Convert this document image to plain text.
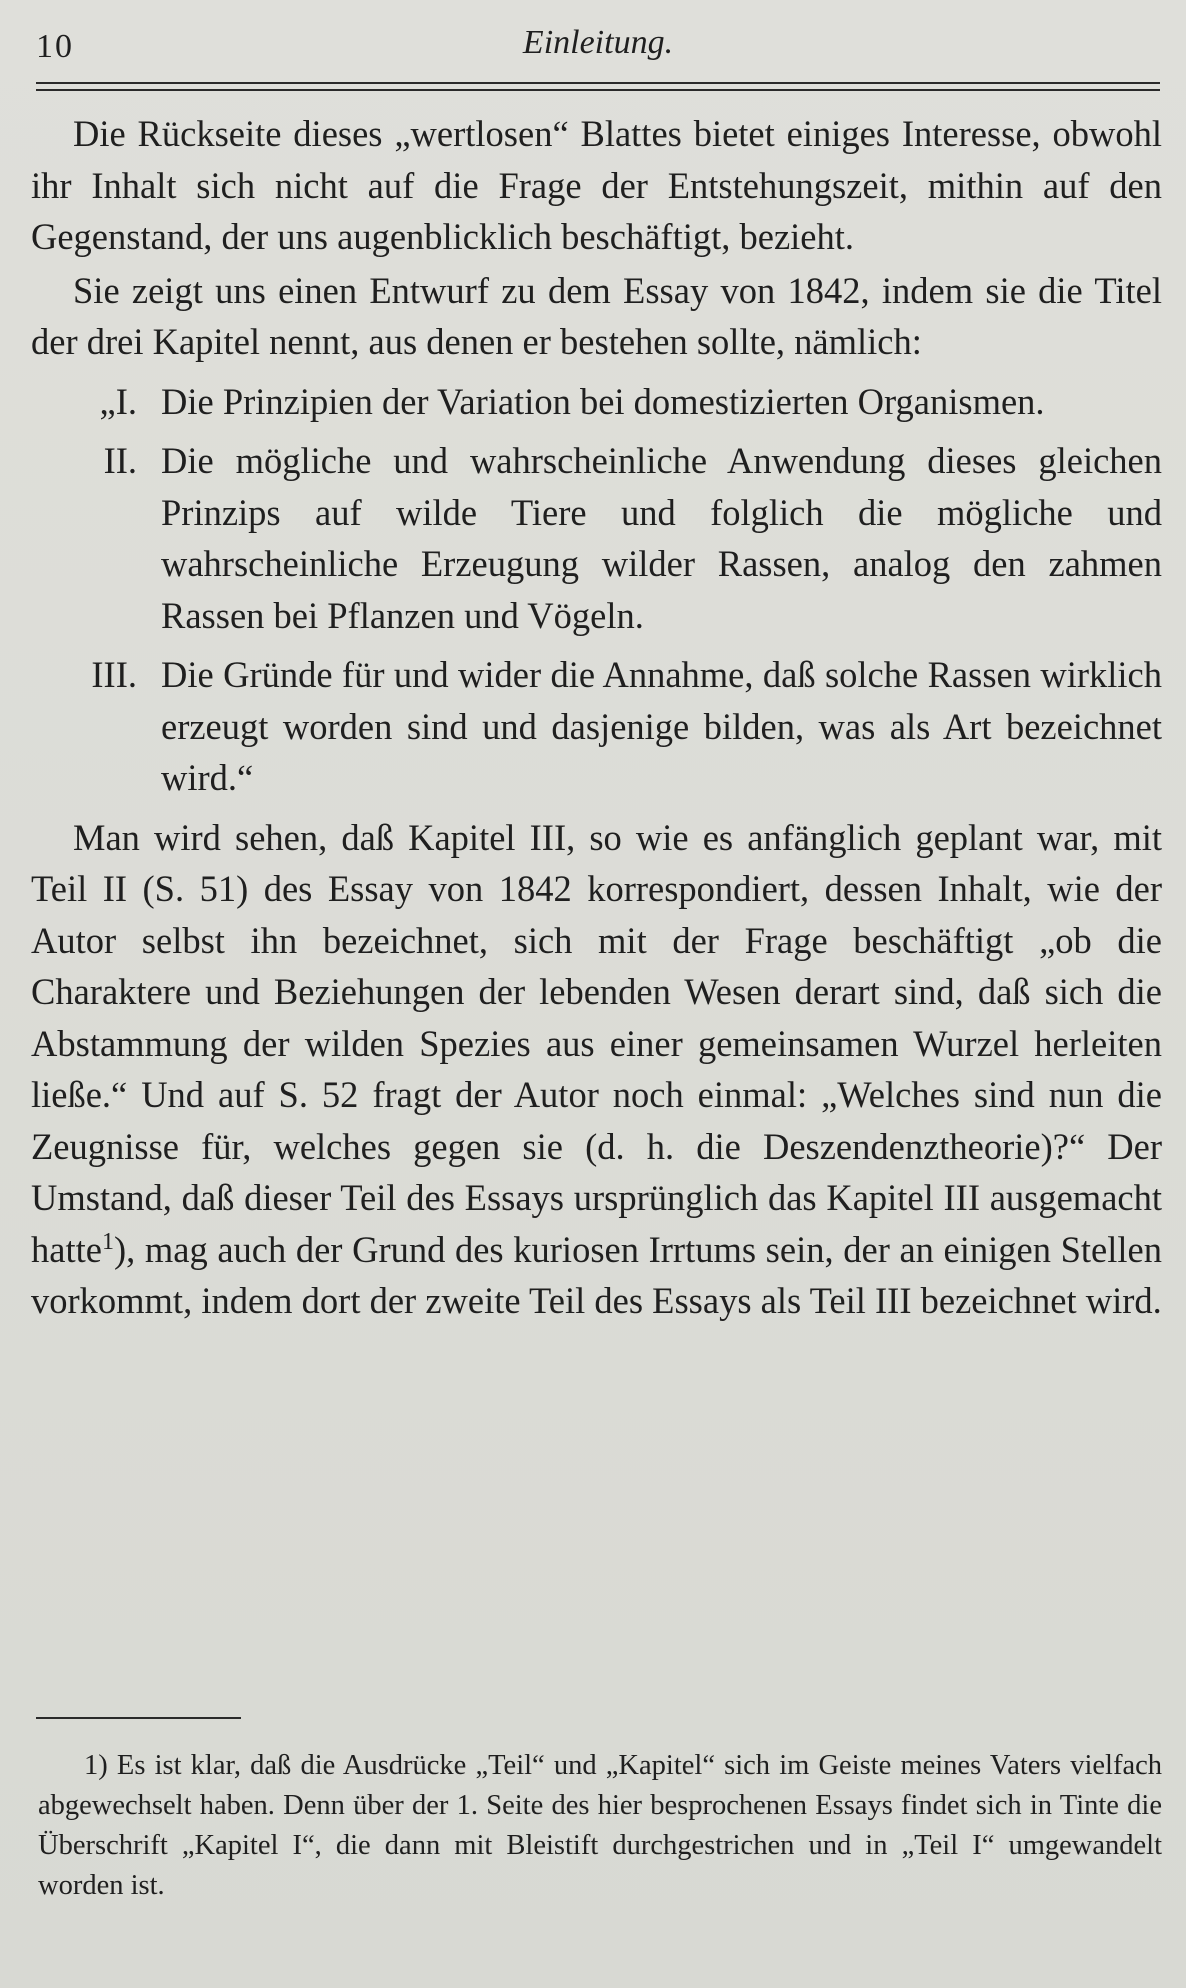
10	Einleitung.

Die Rückseite dieses „wertlosen“ Blattes bietet einiges Interesse, obwohl ihr Inhalt sich nicht auf die Frage der Entstehungszeit, mithin auf den Gegenstand, der uns augenblicklich beschäftigt, bezieht.

Sie zeigt uns einen Entwurf zu dem Essay von 1842, indem sie die Titel der drei Kapitel nennt, aus denen er bestehen sollte, nämlich:

„I. Die Prinzipien der Variation bei domestizierten Organismen.
II. Die mögliche und wahrscheinliche Anwendung dieses gleichen Prinzips auf wilde Tiere und folglich die mögliche und wahrscheinliche Erzeugung wilder Rassen, analog den zahmen Rassen bei Pflanzen und Vögeln.
III. Die Gründe für und wider die Annahme, daß solche Rassen wirklich erzeugt worden sind und dasjenige bilden, was als Art bezeichnet wird.“

Man wird sehen, daß Kapitel III, so wie es anfänglich geplant war, mit Teil II (S. 51) des Essay von 1842 korrespondiert, dessen Inhalt, wie der Autor selbst ihn bezeichnet, sich mit der Frage beschäftigt „ob die Charaktere und Beziehungen der lebenden Wesen derart sind, daß sich die Abstammung der wilden Spezies aus einer gemeinsamen Wurzel herleiten ließe.“ Und auf S. 52 fragt der Autor noch einmal: „Welches sind nun die Zeugnisse für, welches gegen sie (d. h. die Deszendenztheorie)?“ Der Umstand, daß dieser Teil des Essays ursprünglich das Kapitel III ausgemacht hatte$^1$), mag auch der Grund des kuriosen Irrtums sein, der an einigen Stellen vorkommt, indem dort der zweite Teil des Essays als Teil III bezeichnet wird.

1) Es ist klar, daß die Ausdrücke „Teil“ und „Kapitel“ sich im Geiste meines Vaters vielfach abgewechselt haben. Denn über der 1. Seite des hier besprochenen Essays findet sich in Tinte die Überschrift „Kapitel I“, die dann mit Bleistift durchgestrichen und in „Teil I“ umgewandelt worden ist.
